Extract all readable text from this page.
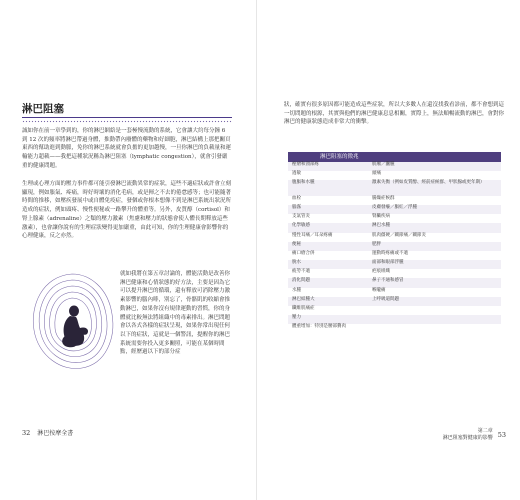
淋巴阻塞

誠如你在前一章學到的，你的淋巴網絡是一套極慢流動的系統，它會讓大約每分鐘 6 到 12 次的頻率將淋巴帶過身體，推動帶內廢體的藥物和好細胞，淋巴結構上那把關頁東西的幫助進到動脈，免你的淋巴系統就會負擔的更加越慢，一旦你淋巴的負載量和運輸能力超載——我把這種狀況稱為淋巴阻塞（lymphatic congestion），就會引發嚴重的健康問題。

生理或心理方面的壓力事件都可能引發淋巴流動異常的症狀，這些不適症狀或許會立刻顯現，例如脹氣、疼痛，時好時壞的消化毛病，或是揮之不去的倦怠感等；也可能隨著時間的推移，如壓疾發展中或自體免疫症，發個或你根本想像不到是淋巴系統出狀況所造成的症狀，例如頭疼、慢性便秘或一路攀升的體重等。另外，皮質醇（cortisol）和腎上腺素（adrenaline）之類的壓力激素（焦慮和壓力的狀態會使人體長期釋放這些激素），也會讓你說有的生理症狀變得更加嚴重，由此可知，你的生理健康會影響你的心理健康，反之亦然。

就如我將在第五章討論的，體能活動是改善你淋巴健康和心情狀態的好方法，主要是因為它可以提升淋巴的循環，還有釋放可消除壓力激素影響的腦內啡，別忘了，骨骼肌的收縮會推動淋巴，如果你沒有規律運動的習慣，你的身體就比較無法將組織中的毒素排出。淋巴問題會以各式各樣的症狀呈現，如果你常出現任何以下的症狀，這就是一個警訊，提醒你的淋巴系統需要你投入更多關照，可能在某個時間點，經歷過以下的部分症

32 淋巴按摩全書

狀，確實有很多原因都可能造成這些症狀，所以大多數人在還沒找我看診前，都不會想到這一切問題的根源，其實與他們的淋巴健康息息相關，實際上，無法順暢流動的淋巴，會對你淋巴的健康狀態造成非常大的衝擊。

淋巴阻塞的徵兆
痤瘡和頸部疼	肌瘤／囊腫
過敏	頭痛
腹脹和水腫	激素失衡（例如皮質醇、經前症候群、甲狀腺或更年期）
血栓	腸燥症候群
腦霧	皮膚發癢／脹紅／浮腫
支氣管炎	腎臟疾病
化學敏感	淋巴水腫
慢性耳痛／耳朵疼痛	肌肉僵硬／關節痛／關節炎
便秘	肥胖
痛口瘡合併	運動時疼痛或不適
脫水	面部和眼部浮腫
疲勞不適	疤痕組織
消化問題	鼻子不通和感冒
水腫	喉嚨痛
淋巴結腫大	上呼吸道問題
纖維肌痛症	
壓力	
體重增加：特別是腰部贅肉	
第二章
淋巴阻塞對健康的影響 53
